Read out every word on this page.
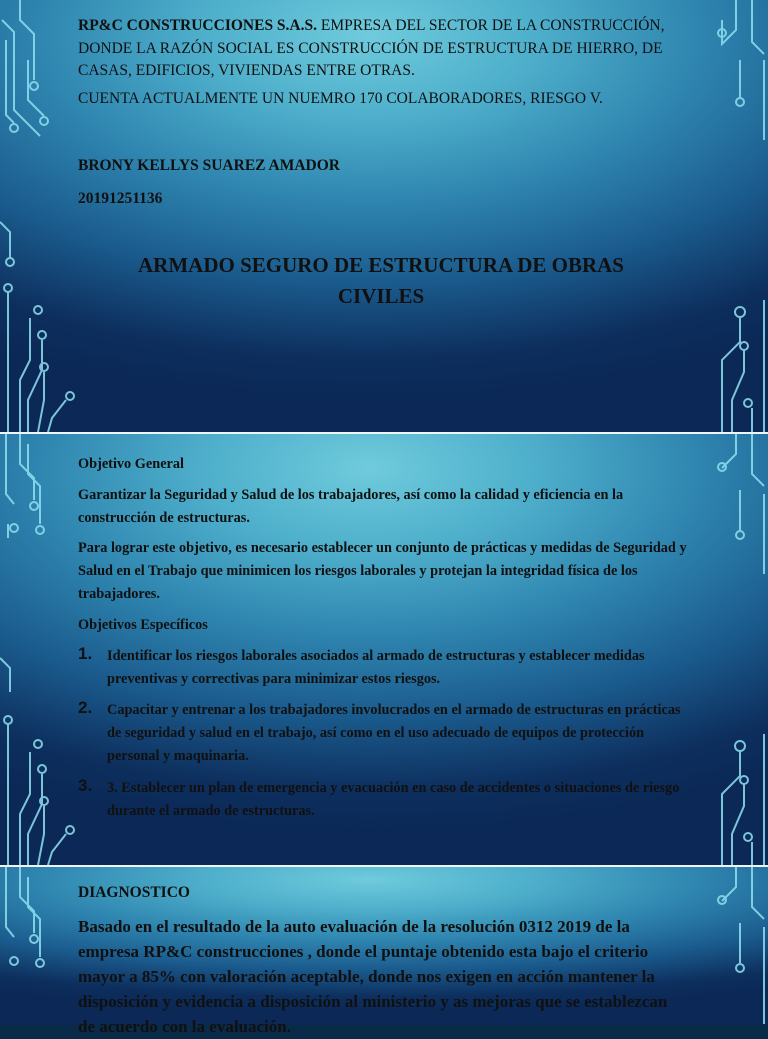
RP&C CONSTRUCCIONES S.A.S. EMPRESA DEL SECTOR DE LA CONSTRUCCIÓN, DONDE LA RAZÓN SOCIAL ES CONSTRUCCIÓN DE ESTRUCTURA DE HIERRO, DE CASAS, EDIFICIOS, VIVIENDAS ENTRE OTRAS.

CUENTA ACTUALMENTE UN NUEMRO 170 COLABORADORES, RIESGO V.

BRONY KELLYS SUAREZ AMADOR

20191251136

ARMADO SEGURO DE ESTRUCTURA DE OBRAS

CIVILES

Objetivo General

Garantizar la Seguridad y Salud de los trabajadores, así como la calidad y eficiencia en la construcción de estructuras.

Para lograr este objetivo, es necesario establecer un conjunto de prácticas y medidas de Seguridad y Salud en el Trabajo que minimicen los riesgos laborales y protejan la integridad física de los trabajadores.

Objetivos Específicos

1. Identificar los riesgos laborales asociados al armado de estructuras y establecer medidas preventivas y correctivas para minimizar estos riesgos.
2. Capacitar y entrenar a los trabajadores involucrados en el armado de estructuras en prácticas de seguridad y salud en el trabajo, así como en el uso adecuado de equipos de protección personal y maquinaria.
3. 3. Establecer un plan de emergencia y evacuación en caso de accidentes o situaciones de riesgo durante el armado de estructuras.

DIAGNOSTICO

Basado en el resultado de la auto evaluación de la resolución 0312 2019 de la empresa RP&C construcciones , donde el puntaje obtenido esta bajo el criterio mayor a 85% con valoración aceptable, donde nos exigen en acción mantener la disposición y evidencia a disposición al ministerio y as mejoras que se establezcan de acuerdo con la evaluación.
